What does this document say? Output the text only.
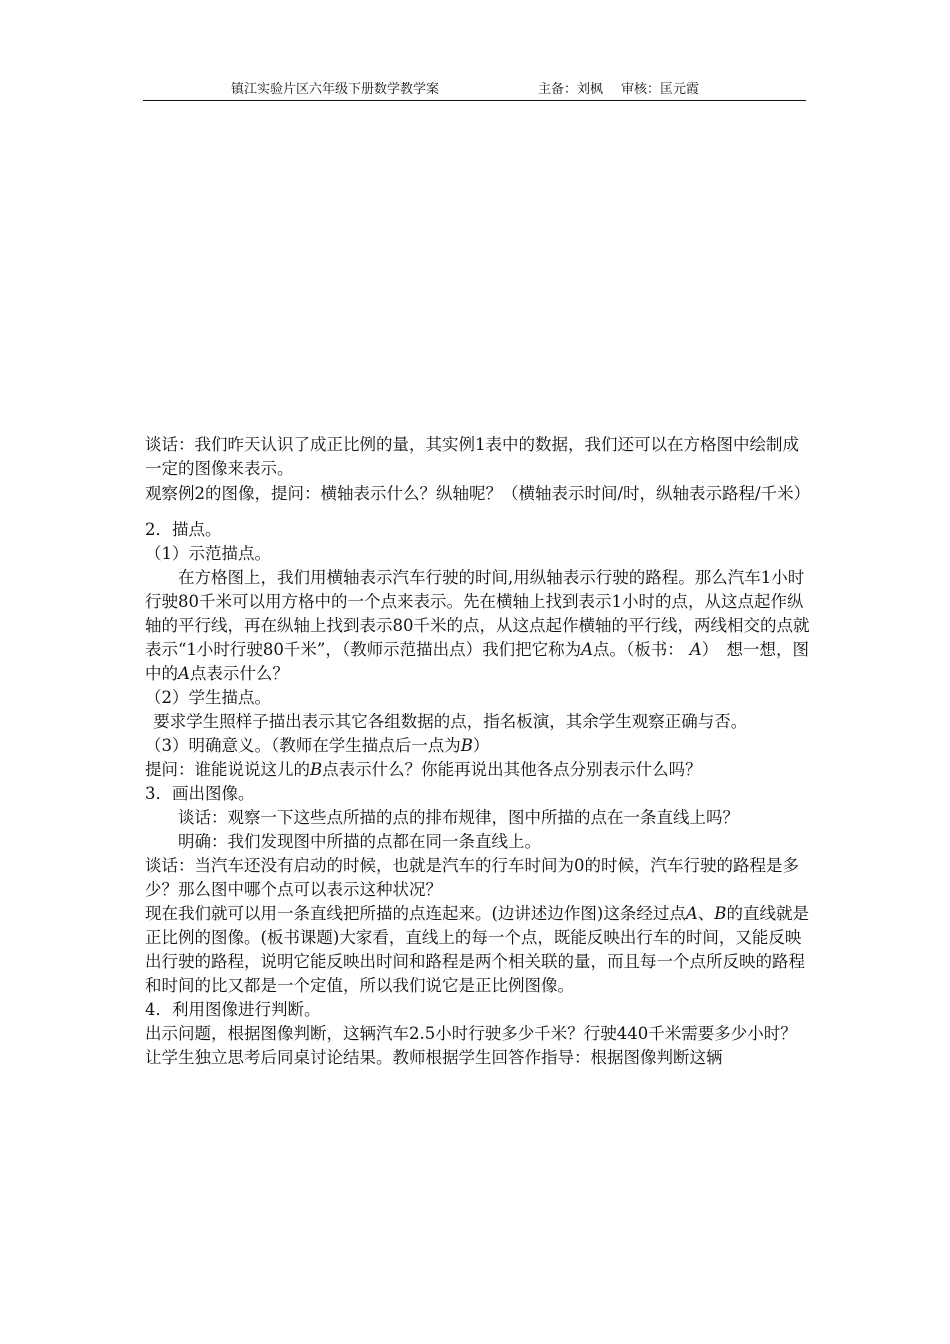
镇江实验片区六年级下册数学教学案	主备：刘枫 审核：匡元霞

谈话：我们昨天认识了成正比例的量，其实例1表中的数据，我们还可以在方格图中绘制成一定的图像来表示。

观察例2的图像，提问：横轴表示什么？纵轴呢？（横轴表示时间/时，纵轴表示路程/千米）

2．描点。

（1）示范描点。

在方格图上，我们用横轴表示汽车行驶的时间,用纵轴表示行驶的路程。那么汽车1小时行驶80千米可以用方格中的一个点来表示。先在横轴上找到表示1小时的点，从这点起作纵轴的平行线，再在纵轴上找到表示80千米的点，从这点起作横轴的平行线，两线相交的点就表示“1小时行驶80千米”，（教师示范描出点）我们把它称为A点。（板书： A）　想一想，图中的A点表示什么？

（2）学生描点。

要求学生照样子描出表示其它各组数据的点，指名板演，其余学生观察正确与否。

（3）明确意义。（教师在学生描点后一点为B）

提问：谁能说说这儿的B点表示什么？你能再说出其他各点分别表示什么吗？

3．画出图像。

谈话：观察一下这些点所描的点的排布规律，图中所描的点在一条直线上吗？

明确：我们发现图中所描的点都在同一条直线上。

谈话：当汽车还没有启动的时候，也就是汽车的行车时间为0的时候，汽车行驶的路程是多少？那么图中哪个点可以表示这种状况？

现在我们就可以用一条直线把所描的点连起来。(边讲述边作图)这条经过点A、B的直线就是正比例的图像。(板书课题)大家看，直线上的每一个点，既能反映出行车的时间，又能反映出行驶的路程，说明它能反映出时间和路程是两个相关联的量，而且每一个点所反映的路程和时间的比又都是一个定值，所以我们说它是正比例图像。

4．利用图像进行判断。

出示问题，根据图像判断，这辆汽车2.5小时行驶多少千米？行驶440千米需要多少小时？

让学生独立思考后同桌讨论结果。教师根据学生回答作指导：根据图像判断这辆
